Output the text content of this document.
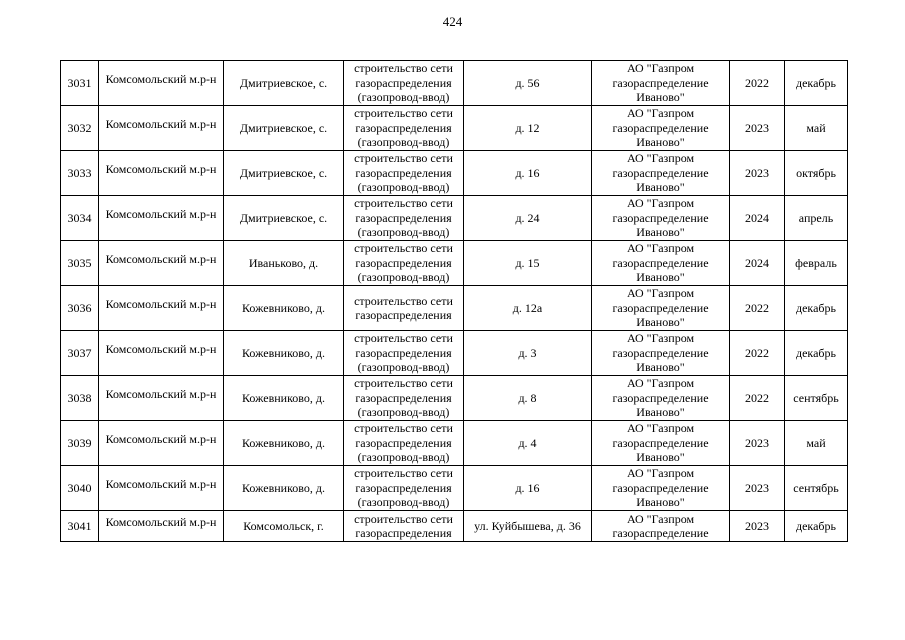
424
3031	Комсомольский м.р-н	Дмитриевское, с.	строительство сети газораспределения (газопровод-ввод)	д. 56	АО "Газпром газораспределение Иваново"	2022	декабрь
3032	Комсомольский м.р-н	Дмитриевское, с.	строительство сети газораспределения (газопровод-ввод)	д. 12	АО "Газпром газораспределение Иваново"	2023	май
3033	Комсомольский м.р-н	Дмитриевское, с.	строительство сети газораспределения (газопровод-ввод)	д. 16	АО "Газпром газораспределение Иваново"	2023	октябрь
3034	Комсомольский м.р-н	Дмитриевское, с.	строительство сети газораспределения (газопровод-ввод)	д. 24	АО "Газпром газораспределение Иваново"	2024	апрель
3035	Комсомольский м.р-н	Иваньково, д.	строительство сети газораспределения (газопровод-ввод)	д. 15	АО "Газпром газораспределение Иваново"	2024	февраль
3036	Комсомольский м.р-н	Кожевниково, д.	строительство сети газораспределения	д. 12а	АО "Газпром газораспределение Иваново"	2022	декабрь
3037	Комсомольский м.р-н	Кожевниково, д.	строительство сети газораспределения (газопровод-ввод)	д. 3	АО "Газпром газораспределение Иваново"	2022	декабрь
3038	Комсомольский м.р-н	Кожевниково, д.	строительство сети газораспределения (газопровод-ввод)	д. 8	АО "Газпром газораспределение Иваново"	2022	сентябрь
3039	Комсомольский м.р-н	Кожевниково, д.	строительство сети газораспределения (газопровод-ввод)	д. 4	АО "Газпром газораспределение Иваново"	2023	май
3040	Комсомольский м.р-н	Кожевниково, д.	строительство сети газораспределения (газопровод-ввод)	д. 16	АО "Газпром газораспределение Иваново"	2023	сентябрь
3041	Комсомольский м.р-н	Комсомольск, г.	строительство сети газораспределения	ул. Куйбышева, д. 36	АО "Газпром газораспределение	2023	декабрь
